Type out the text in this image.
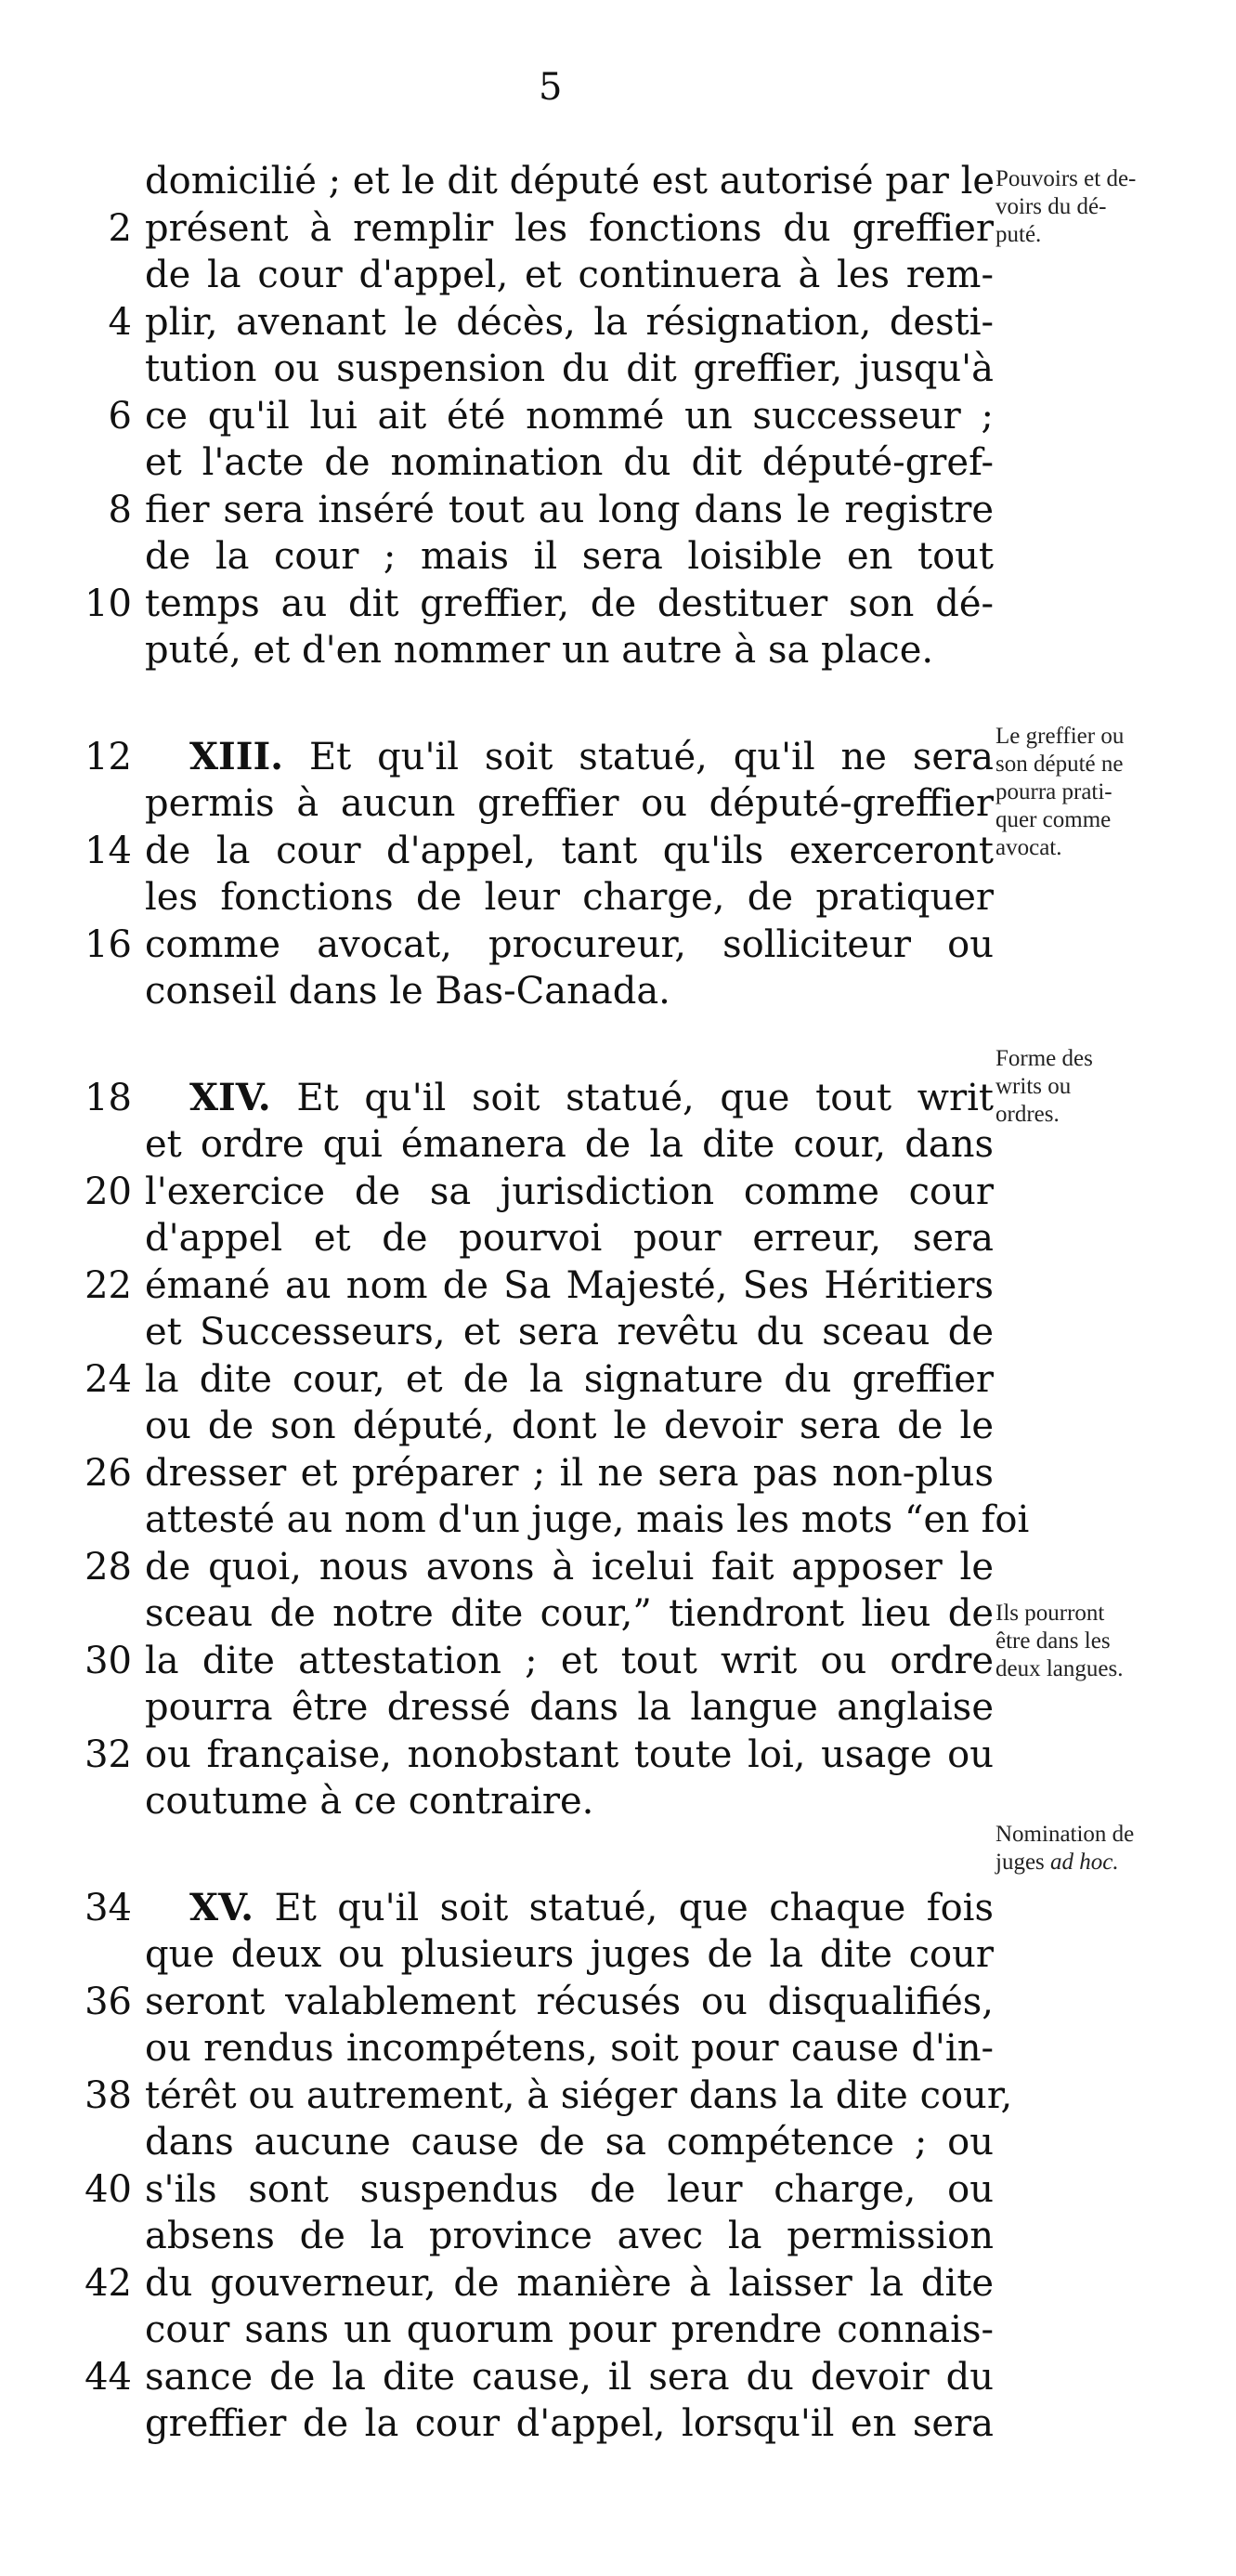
5
domicilié ; et le dit député est autorisé par le
2 présent à remplir les fonctions du greffier
de la cour d'appel, et continuera à les rem-
4 plir, avenant le décès, la résignation, desti-
tution ou suspension du dit greffier, jusqu'à
6 ce qu'il lui ait été nommé un successeur ;
et l'acte de nomination du dit député-gref-
8 fier sera inséré tout au long dans le registre
de la cour ; mais il sera loisible en tout
10 temps au dit greffier, de destituer son dé-
puté, et d'en nommer un autre à sa place.
12	XIII. Et qu'il soit statué, qu'il ne sera
permis à aucun greffier ou député-greffier
14 de la cour d'appel, tant qu'ils exerceront
les fonctions de leur charge, de pratiquer
16 comme avocat, procureur, solliciteur ou
conseil dans le Bas-Canada.
18	XIV. Et qu'il soit statué, que tout writ
et ordre qui émanera de la dite cour, dans
20 l'exercice de sa jurisdiction comme cour
d'appel et de pourvoi pour erreur, sera
22 émané au nom de Sa Majesté, Ses Héritiers
et Successeurs, et sera revêtu du sceau de
24 la dite cour, et de la signature du greffier
ou de son député, dont le devoir sera de le
26 dresser et préparer ; il ne sera pas non-plus
attesté au nom d'un juge, mais les mots “en foi
28 de quoi, nous avons à icelui fait apposer le
sceau de notre dite cour,” tiendront lieu de
30 la dite attestation ; et tout writ ou ordre
pourra être dressé dans la langue anglaise
32 ou française, nonobstant toute loi, usage ou
coutume à ce contraire.
34	XV. Et qu'il soit statué, que chaque fois
que deux ou plusieurs juges de la dite cour
36 seront valablement récusés ou disqualifiés,
ou rendus incompétens, soit pour cause d'in-
38 térêt ou autrement, à siéger dans la dite cour,
dans aucune cause de sa compétence ; ou
40 s'ils sont suspendus de leur charge, ou
absens de la province avec la permission
42 du gouverneur, de manière à laisser la dite
cour sans un quorum pour prendre connais-
44 sance de la dite cause, il sera du devoir du
greffier de la cour d'appel, lorsqu'il en sera
Pouvoirs et de-
voirs du dé-
puté.
Le greffier ou
son député ne
pourra prati-
quer comme
avocat.
Forme des
writs ou
ordres.
Ils pourront
être dans les
deux langues.
Nomination de
juges ad hoc.
